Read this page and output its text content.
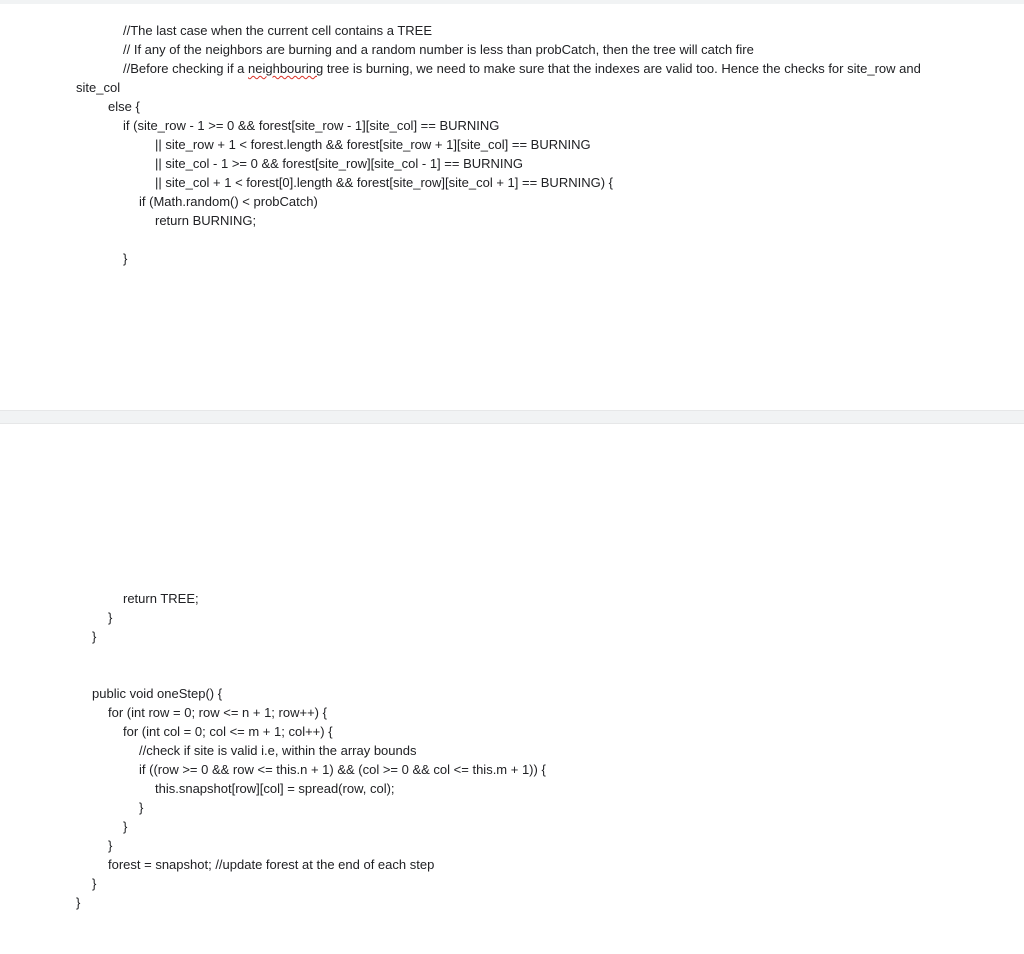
//The last case when the current cell contains a TREE
// If any of the neighbors are burning and a random number is less than probCatch, then the tree will catch fire
//Before checking if a neighbouring tree is burning, we need to make sure that the indexes are valid too. Hence the checks for site_row and
site_col
else {
if (site_row - 1 >= 0 && forest[site_row - 1][site_col] == BURNING
|| site_row + 1 < forest.length && forest[site_row + 1][site_col] == BURNING
|| site_col - 1 >= 0 && forest[site_row][site_col - 1] == BURNING
|| site_col + 1 < forest[0].length && forest[site_row][site_col + 1] == BURNING) {
if (Math.random() < probCatch)
return BURNING;
}
return TREE;
}
}
public void oneStep() {
for (int row = 0; row <= n + 1; row++) {
for (int col = 0; col <= m + 1; col++) {
//check if site is valid i.e, within the array bounds
if ((row >= 0 && row <= this.n + 1) && (col >= 0 && col <= this.m + 1)) {
this.snapshot[row][col] = spread(row, col);
}
}
}
forest = snapshot; //update forest at the end of each step
}
}
